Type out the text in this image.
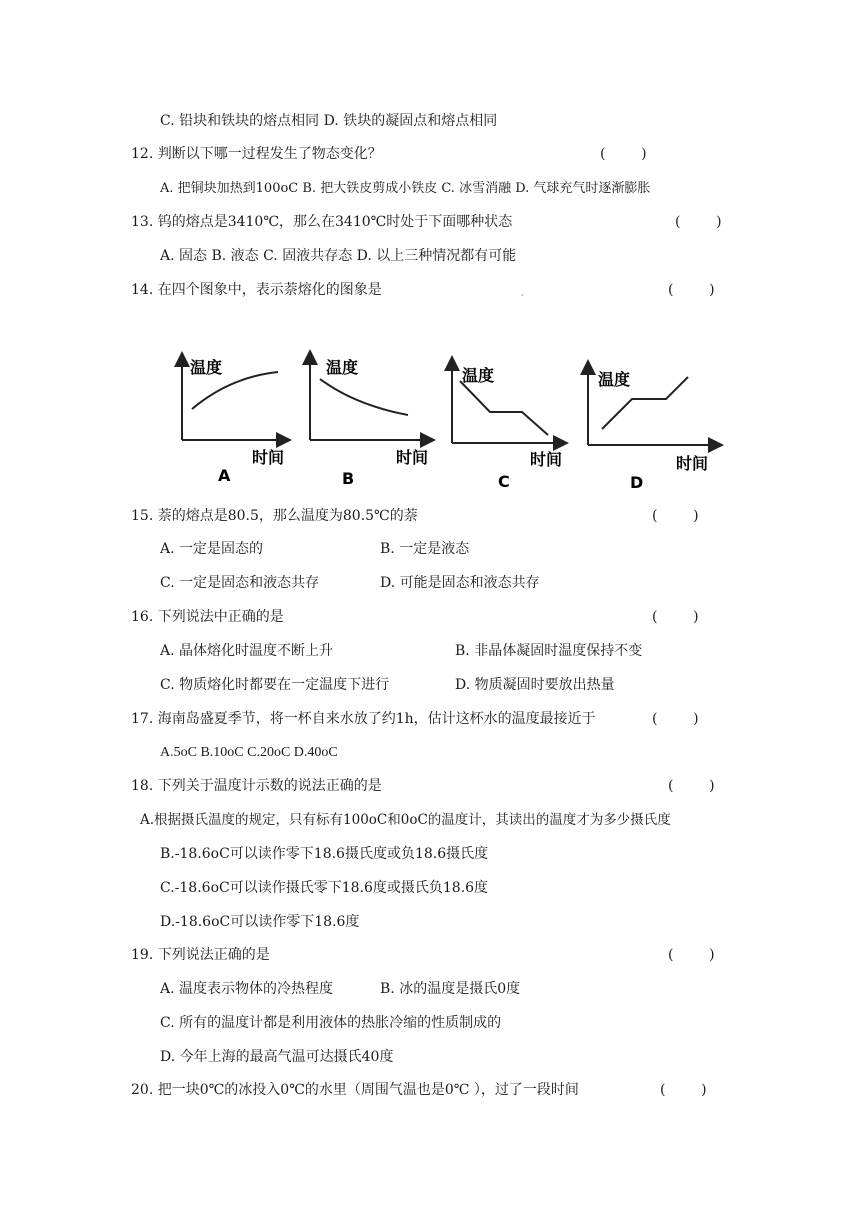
C. 铅块和铁块的熔点相同 D. 铁块的凝固点和熔点相同
12. 判断以下哪一过程发生了物态变化？	(        )
A. 把铜块加热到100oC B. 把大铁皮剪成小铁皮 C. 冰雪消融 D. 气球充气时逐渐膨胀
13. 钨的熔点是3410℃，那么在3410℃时处于下面哪种状态	(        )
A. 固态 B. 液态 C. 固液共存态 D. 以上三种情况都有可能
14. 在四个图象中，表示萘熔化的图象是	.	(        )
温度
时间
A
温度
时间
B
温度
时间
C
温度
时间
D
15. 萘的熔点是80.5，那么温度为80.5℃的萘	(        )
A. 一定是固态的	B. 一定是液态
C. 一定是固态和液态共存	D. 可能是固态和液态共存
16. 下列说法中正确的是	(        )
A. 晶体熔化时温度不断上升	B. 非晶体凝固时温度保持不变
C. 物质熔化时都要在一定温度下进行	D. 物质凝固时要放出热量
17. 海南岛盛夏季节，将一杯自来水放了约1h，估计这杯水的温度最接近于	(        )
A.5oC B.10oC C.20oC D.40oC
18. 下列关于温度计示数的说法正确的是	(        )
A.根据摄氏温度的规定，只有标有100oC和0oC的温度计，其读出的温度才为多少摄氏度
B.-18.6oC可以读作零下18.6摄氏度或负18.6摄氏度
C.-18.6oC可以读作摄氏零下18.6度或摄氏负18.6度
D.-18.6oC可以读作零下18.6度
19. 下列说法正确的是	(        )
A. 温度表示物体的冷热程度	B. 冰的温度是摄氏0度
C. 所有的温度计都是利用液体的热胀冷缩的性质制成的
D. 今年上海的最高气温可达摄氏40度
20. 把一块0℃的冰投入0℃的水里（周围气温也是0℃ ），过了一段时间	(        )
